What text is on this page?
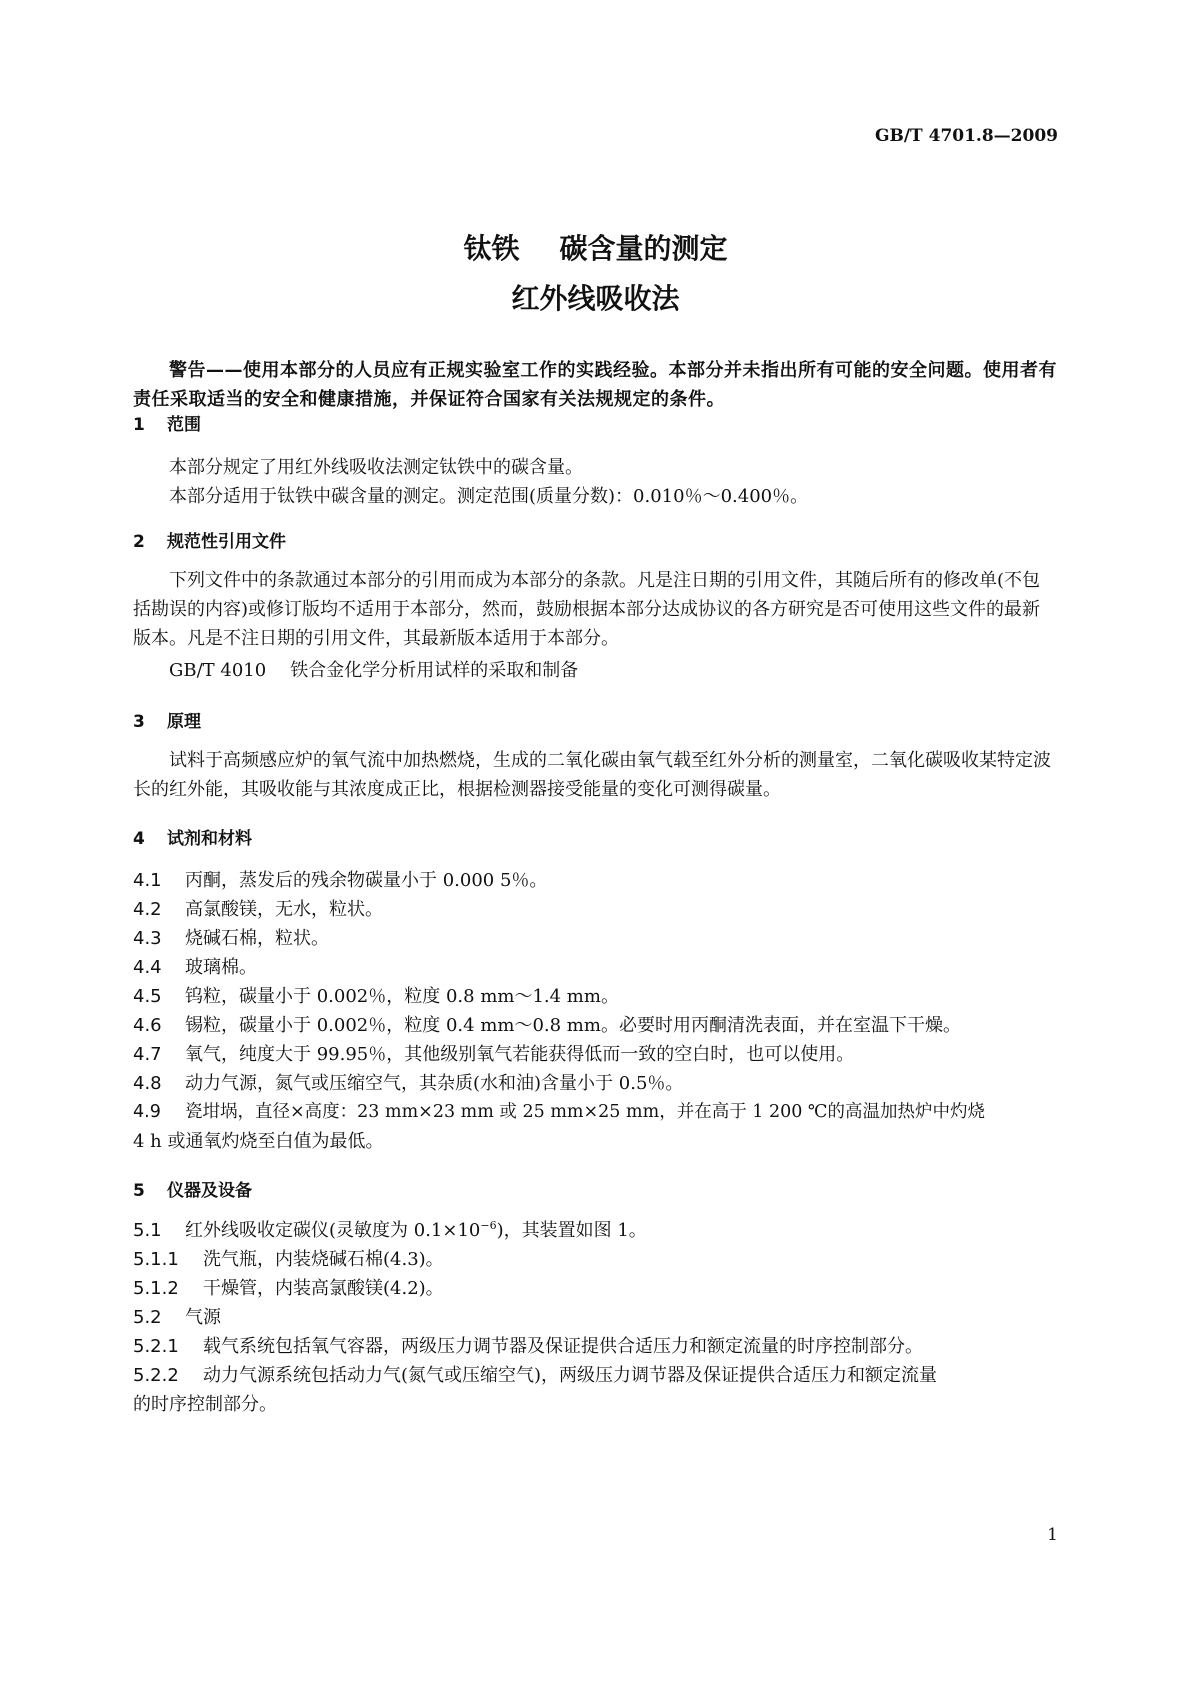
GB/T 4701.8—2009
钛铁 碳含量的测定
红外线吸收法
警告——使用本部分的人员应有正规实验室工作的实践经验。本部分并未指出所有可能的安全问题。使用者有责任采取适当的安全和健康措施，并保证符合国家有关法规规定的条件。
1 范围
本部分规定了用红外线吸收法测定钛铁中的碳含量。
本部分适用于钛铁中碳含量的测定。测定范围(质量分数)：0.010％～0.400％。
2 规范性引用文件
下列文件中的条款通过本部分的引用而成为本部分的条款。凡是注日期的引用文件，其随后所有的修改单(不包括勘误的内容)或修订版均不适用于本部分，然而，鼓励根据本部分达成协议的各方研究是否可使用这些文件的最新版本。凡是不注日期的引用文件，其最新版本适用于本部分。
GB/T 4010 铁合金化学分析用试样的采取和制备
3 原理
试料于高频感应炉的氧气流中加热燃烧，生成的二氧化碳由氧气载至红外分析的测量室，二氧化碳吸收某特定波长的红外能，其吸收能与其浓度成正比，根据检测器接受能量的变化可测得碳量。
4 试剂和材料
4.1 丙酮，蒸发后的残余物碳量小于 0.000 5％。
4.2 高氯酸镁，无水，粒状。
4.3 烧碱石棉，粒状。
4.4 玻璃棉。
4.5 钨粒，碳量小于 0.002％，粒度 0.8 mm～1.4 mm。
4.6 锡粒，碳量小于 0.002％，粒度 0.4 mm～0.8 mm。必要时用丙酮清洗表面，并在室温下干燥。
4.7 氧气，纯度大于 99.95％，其他级别氧气若能获得低而一致的空白时，也可以使用。
4.8 动力气源，氮气或压缩空气，其杂质(水和油)含量小于 0.5％。
4.9 瓷坩埚，直径×高度：23 mm×23 mm 或 25 mm×25 mm，并在高于 1 200 ℃的高温加热炉中灼烧
4 h 或通氧灼烧至白值为最低。
5 仪器及设备
5.1 红外线吸收定碳仪(灵敏度为 $0.1\times 10^{-6}$)，其装置如图 1。
5.1.1 洗气瓶，内装烧碱石棉(4.3)。
5.1.2 干燥管，内装高氯酸镁(4.2)。
5.2 气源
5.2.1 载气系统包括氧气容器，两级压力调节器及保证提供合适压力和额定流量的时序控制部分。
5.2.2 动力气源系统包括动力气(氮气或压缩空气)，两级压力调节器及保证提供合适压力和额定流量
的时序控制部分。
1
